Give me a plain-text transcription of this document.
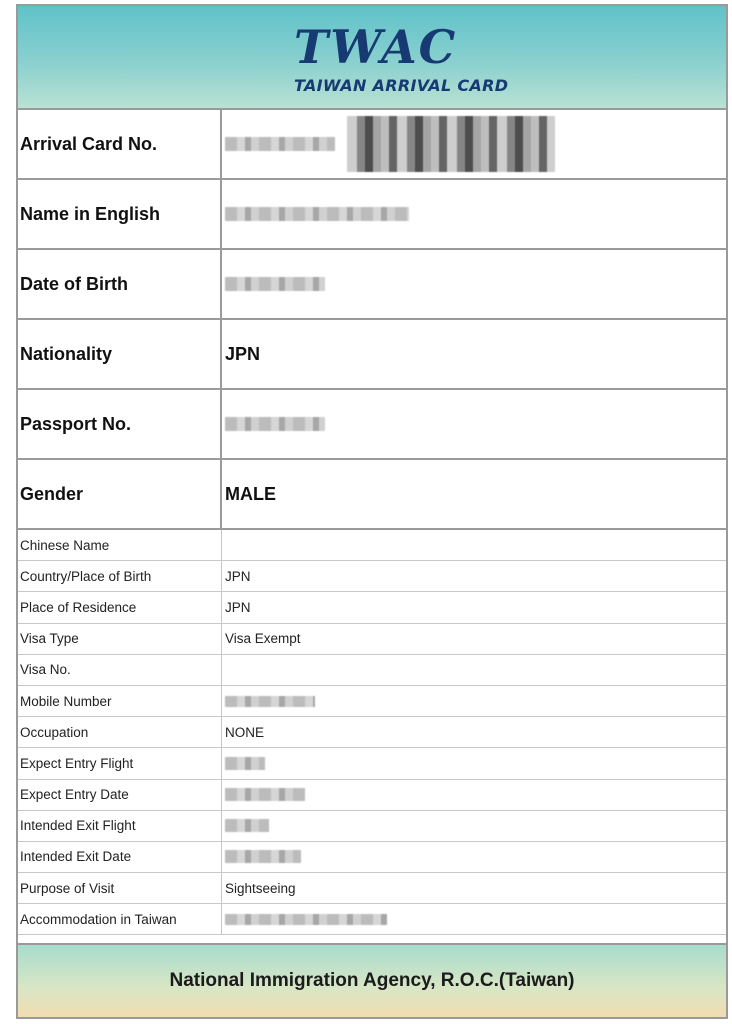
TWAC
TAIWAN ARRIVAL CARD
Arrival Card No.
Name in English
Date of Birth
Nationality	JPN
Passport No.
Gender	MALE
Chinese Name
Country/Place of Birth	JPN
Place of Residence	JPN
Visa Type	Visa Exempt
Visa No.
Mobile Number
Occupation	NONE
Expect Entry Flight
Expect Entry Date
Intended Exit Flight
Intended Exit Date
Purpose of Visit	Sightseeing
Accommodation in Taiwan
National Immigration Agency, R.O.C.(Taiwan)
